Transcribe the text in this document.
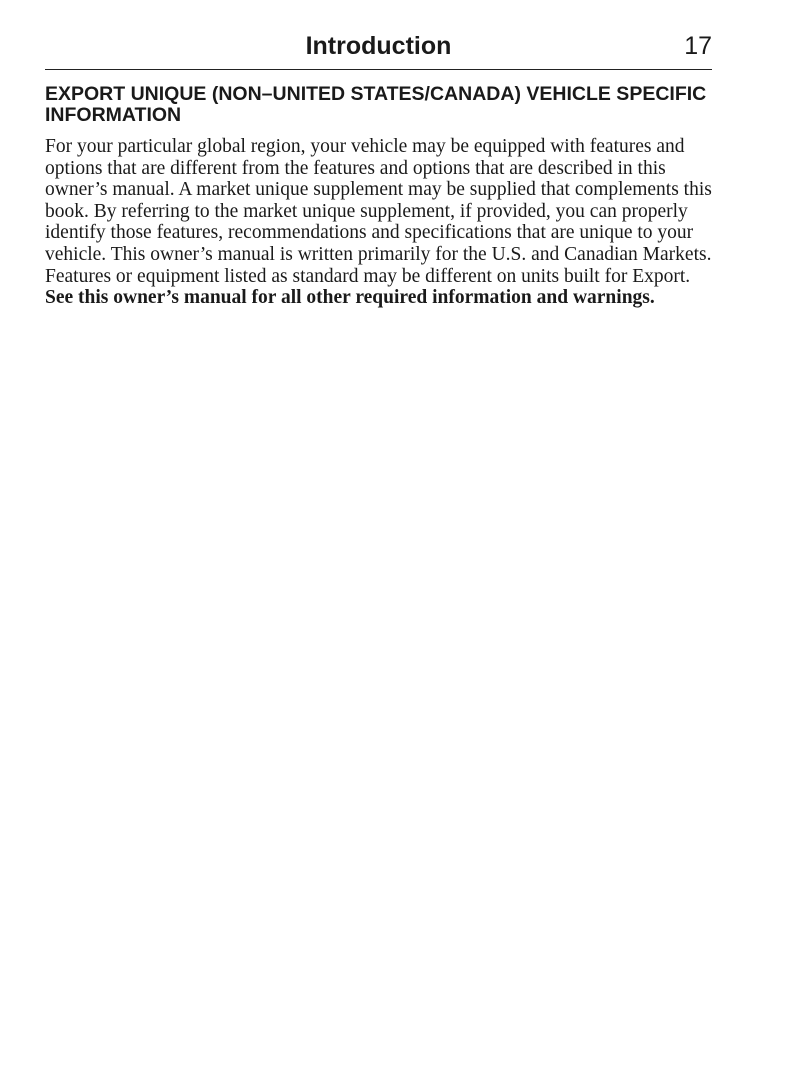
Introduction	17
EXPORT UNIQUE (NON–UNITED STATES/CANADA) VEHICLE SPECIFIC INFORMATION

For your particular global region, your vehicle may be equipped with features and options that are different from the features and options that are described in this owner’s manual. A market unique supplement may be supplied that complements this book. By referring to the market unique supplement, if provided, you can properly identify those features, recommendations and specifications that are unique to your vehicle. This owner’s manual is written primarily for the U.S. and Canadian Markets. Features or equipment listed as standard may be different on units built for Export. See this owner’s manual for all other required information and warnings.
